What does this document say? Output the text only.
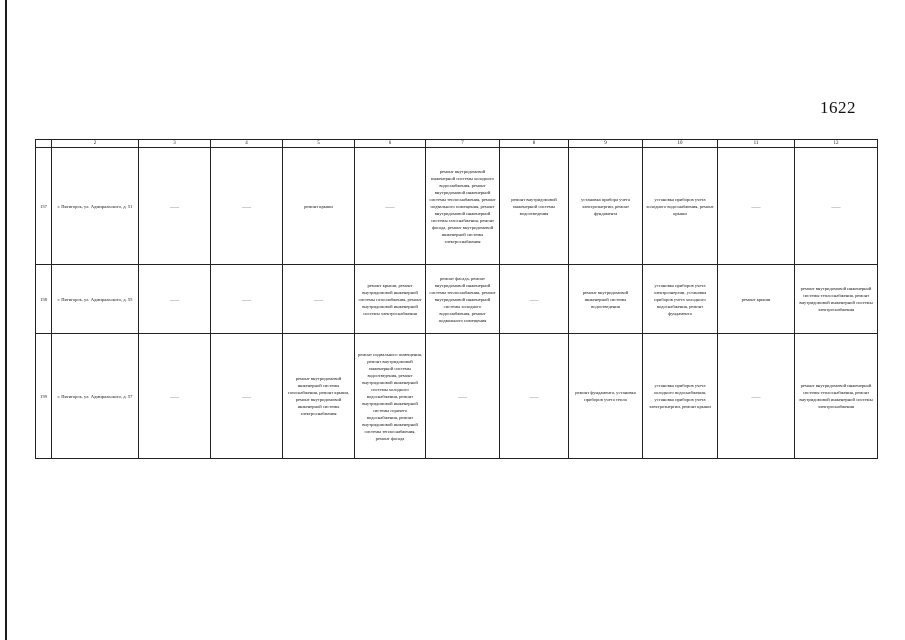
1622
	2	3	4	5	6	7	8	9	10	11	12
157	г. Пятигорск, ул. Адмиральского, д. 51	——	——	ремонт крыши	——	ремонт внутридомовой инженерной системы холодного водоснабжения, ремонт внутридомовой инженерной системы теплоснабжения, ремонт подвального помещения, ремонт внутридомовой инженерной системы газоснабжения, ремонт фасада, ремонт внутридомовой инженерной системы электроснабжения	ремонт внутридомовой инженерной системы водоотведения	установка прибора учета электроэнергии, ремонт фундамента	установка приборов учета холодного водоснабжения, ремонт крыши	——	——
158	г. Пятигорск, ул. Адмиральского, д. 55	——	——	——	ремонт крыши, ремонт внутридомовой инженерной системы газоснабжения, ремонт внутридомовой инженерной системы электроснабжения	ремонт фасада, ремонт внутридомовой инженерной системы теплоснабжения, ремонт внутридомовой инженерной системы холодного водоснабжения, ремонт подвального помещения	——	ремонт внутридомовой инженерной системы водоотведения	установка приборов учета электроэнергии, установка приборов учета холодного водоснабжения, ремонт фундамента	ремонт крыши	ремонт внутридомовой инженерной системы теплоснабжения, ремонт внутридомовой инженерной системы электроснабжения
159	г. Пятигорск, ул. Адмиральского, д. 57	——	——	ремонт внутридомовой инженерной системы газоснабжения, ремонт крыши, ремонт внутридомовой инженерной системы электроснабжения	ремонт подвального помещения, ремонт внутридомовой инженерной системы водоотведения, ремонт внутридомовой инженерной системы холодного водоснабжения, ремонт внутридомовой инженерной системы горячего водоснабжения, ремонт внутридомовой инженерной системы теплоснабжения, ремонт фасада	——	——	ремонт фундамента, установка приборов учета тепла	установка приборов учета холодного водоснабжения, установка приборов учета электроэнергии, ремонт крыши	——	ремонт внутридомовой инженерной системы теплоснабжения, ремонт внутридомовой инженерной системы электроснабжения
